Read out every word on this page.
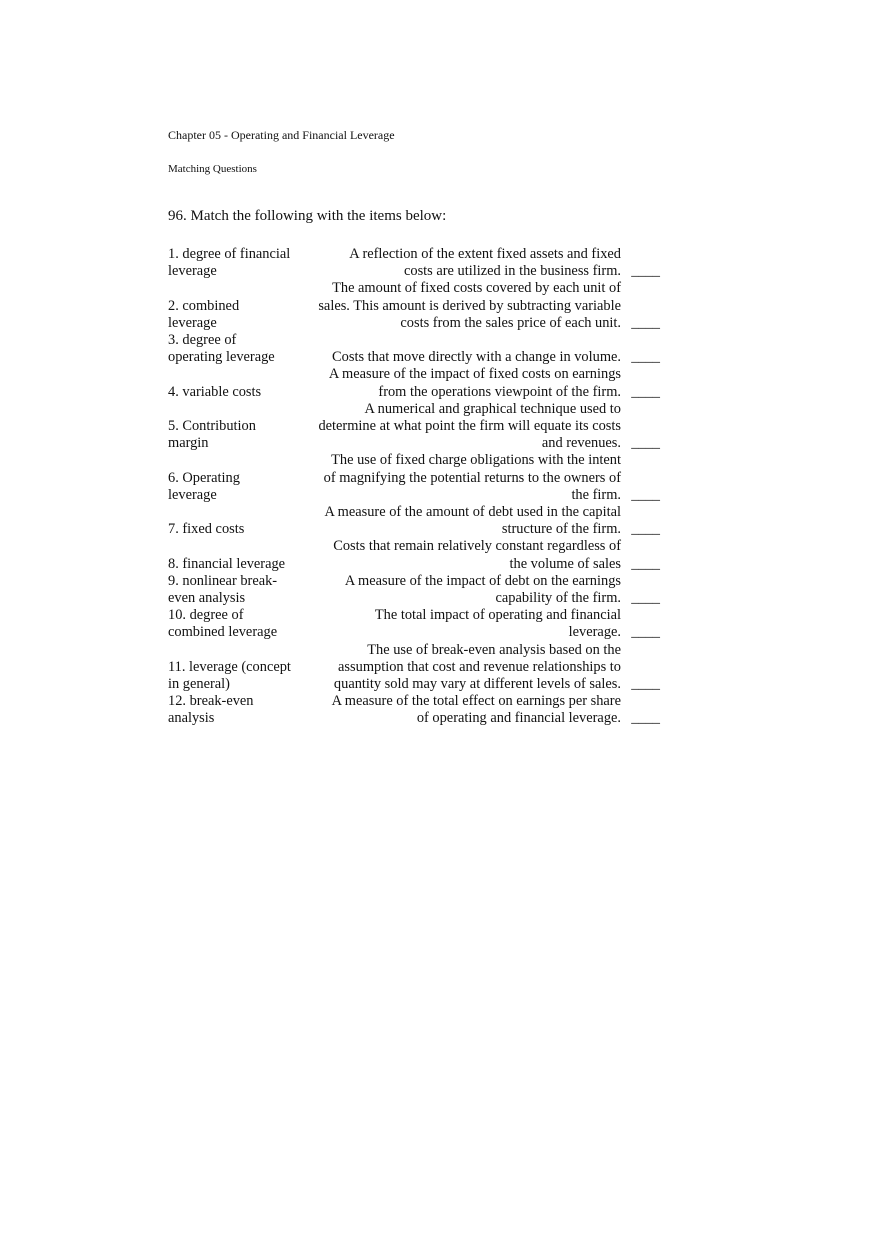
Chapter 05 - Operating and Financial Leverage
Matching Questions
96. Match the following with the items below:
1. degree of financial
leverage
A reflection of the extent fixed assets and fixed
costs are utilized in the business firm. ____
2. combined
leverage
The amount of fixed costs covered by each unit of
sales. This amount is derived by subtracting variable
costs from the sales price of each unit. ____
3. degree of
operating leverage	Costs that move directly with a change in volume. ____
4. variable costs
A measure of the impact of fixed costs on earnings
from the operations viewpoint of the firm. ____
5. Contribution
margin
A numerical and graphical technique used to
determine at what point the firm will equate its costs
and revenues. ____
6. Operating
leverage
The use of fixed charge obligations with the intent
of magnifying the potential returns to the owners of
the firm. ____
7. fixed costs
A measure of the amount of debt used in the capital
structure of the firm. ____
8. financial leverage
Costs that remain relatively constant regardless of
the volume of sales ____
9. nonlinear break-
even analysis
A measure of the impact of debt on the earnings
capability of the firm. ____
10. degree of
combined leverage
The total impact of operating and financial
leverage. ____
11. leverage (concept
in general)
The use of break-even analysis based on the
assumption that cost and revenue relationships to
quantity sold may vary at different levels of sales. ____
12. break-even
analysis
A measure of the total effect on earnings per share
of operating and financial leverage. ____
